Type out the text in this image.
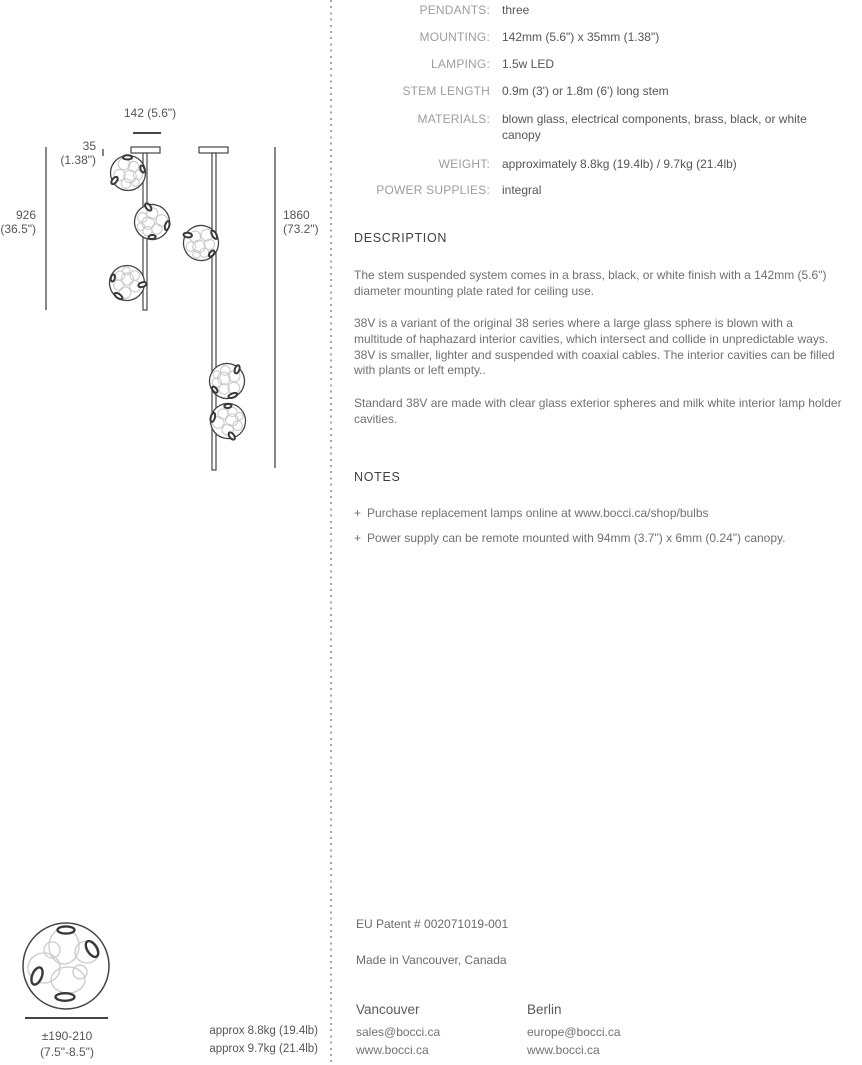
142 (5.6")
35
(1.38")
926
(36.5")
1860
(73.2")
±190-210
(7.5"-8.5")
approx 8.8kg (19.4lb)
approx 9.7kg (21.4lb)
PENDANTS:	three
MOUNTING:	142mm (5.6") x 35mm (1.38")
LAMPING:	1.5w LED
STEM LENGTH	0.9m (3') or 1.8m (6') long stem
MATERIALS:	blown glass, electrical components, brass, black, or white canopy
WEIGHT:	approximately 8.8kg (19.4lb) / 9.7kg (21.4lb)
POWER SUPPLIES:	integral
DESCRIPTION
The stem suspended system comes in a brass, black, or white finish with a 142mm (5.6") diameter mounting plate rated for ceiling use.
38V is a variant of the original 38 series where a large glass sphere is blown with a multitude of haphazard interior cavities, which intersect and collide in unpredictable ways. 38V is smaller, lighter and suspended with coaxial cables. The interior cavities can be filled with plants or left empty..
Standard 38V are made with clear glass exterior spheres and milk white interior lamp holder cavities.
NOTES
+ Purchase replacement lamps online at www.bocci.ca/shop/bulbs
+ Power supply can be remote mounted with 94mm (3.7") x 6mm (0.24") canopy.
EU Patent # 002071019-001
Made in Vancouver, Canada
Vancouver
sales@bocci.ca
www.bocci.ca
Berlin
europe@bocci.ca
www.bocci.ca
